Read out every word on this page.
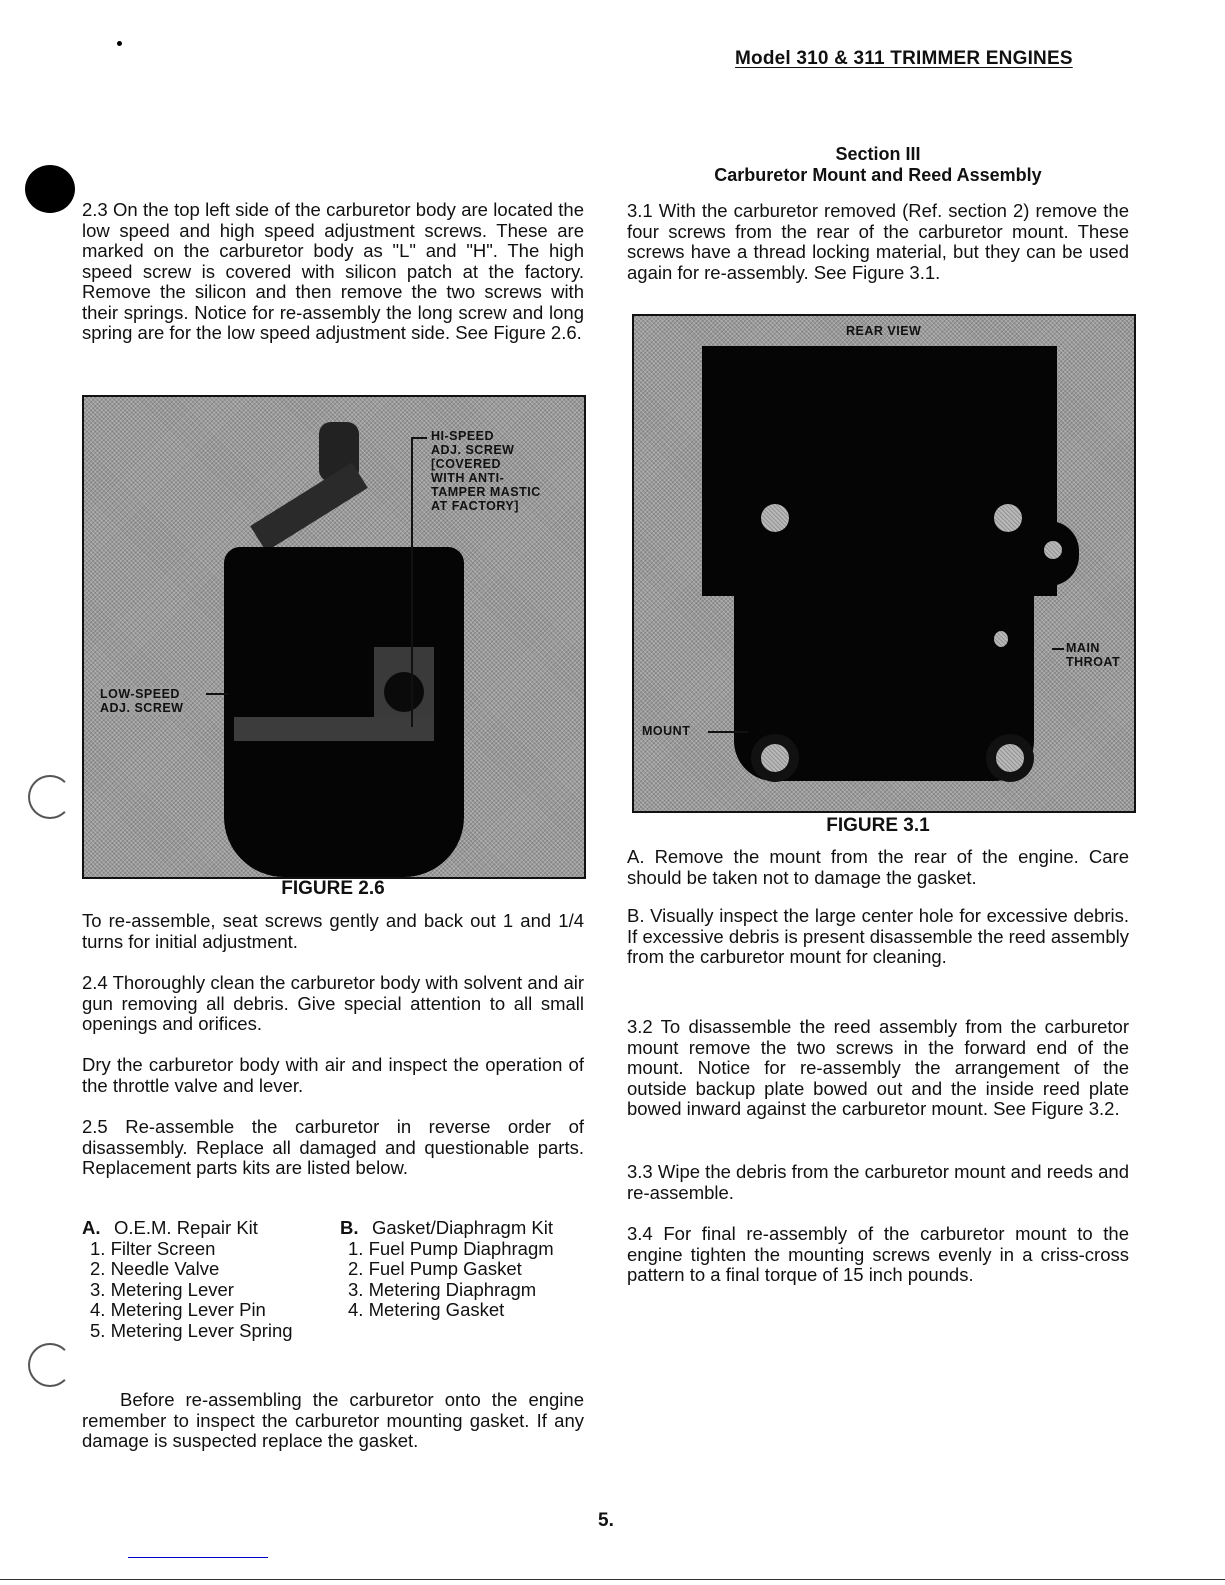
Model 310 & 311 TRIMMER ENGINES
2.3 On the top left side of the carburetor body are located the low speed and high speed adjustment screws. These are marked on the carburetor body as "L" and "H". The high speed screw is covered with silicon patch at the factory. Remove the silicon and then remove the two screws with their springs. Notice for re-assembly the long screw and long spring are for the low speed adjustment side. See Figure 2.6.
HI-SPEED
ADJ. SCREW
[COVERED
WITH ANTI-
TAMPER MASTIC
AT FACTORY]
LOW-SPEED
ADJ. SCREW
FIGURE 2.6
To re-assemble, seat screws gently and back out 1 and 1/4 turns for initial adjustment.
2.4 Thoroughly clean the carburetor body with solvent and air gun removing all debris. Give special attention to all small openings and orifices.
Dry the carburetor body with air and inspect the operation of the throttle valve and lever.
2.5 Re-assemble the carburetor in reverse order of disassembly. Replace all damaged and questionable parts. Replacement parts kits are listed below.
A. O.E.M. Repair Kit
1. Filter Screen
2. Needle Valve
3. Metering Lever
4. Metering Lever Pin
5. Metering Lever Spring
B. Gasket/Diaphragm Kit
1. Fuel Pump Diaphragm
2. Fuel Pump Gasket
3. Metering Diaphragm
4. Metering Gasket
Before re-assembling the carburetor onto the engine remember to inspect the carburetor mounting gasket. If any damage is suspected replace the gasket.
Section III
Carburetor Mount and Reed Assembly
3.1 With the carburetor removed (Ref. section 2) remove the four screws from the rear of the carburetor mount. These screws have a thread locking material, but they can be used again for re-assembly. See Figure 3.1.
REAR VIEW
MAIN
THROAT
MOUNT
FIGURE 3.1
A. Remove the mount from the rear of the engine. Care should be taken not to damage the gasket.
B. Visually inspect the large center hole for excessive debris. If excessive debris is present disassemble the reed assembly from the carburetor mount for cleaning.
3.2 To disassemble the reed assembly from the carburetor mount remove the two screws in the forward end of the mount. Notice for re-assembly the arrangement of the outside backup plate bowed out and the inside reed plate bowed inward against the carburetor mount. See Figure 3.2.
3.3 Wipe the debris from the carburetor mount and reeds and re-assemble.
3.4 For final re-assembly of the carburetor mount to the engine tighten the mounting screws evenly in a criss-cross pattern to a final torque of 15 inch pounds.
5.
